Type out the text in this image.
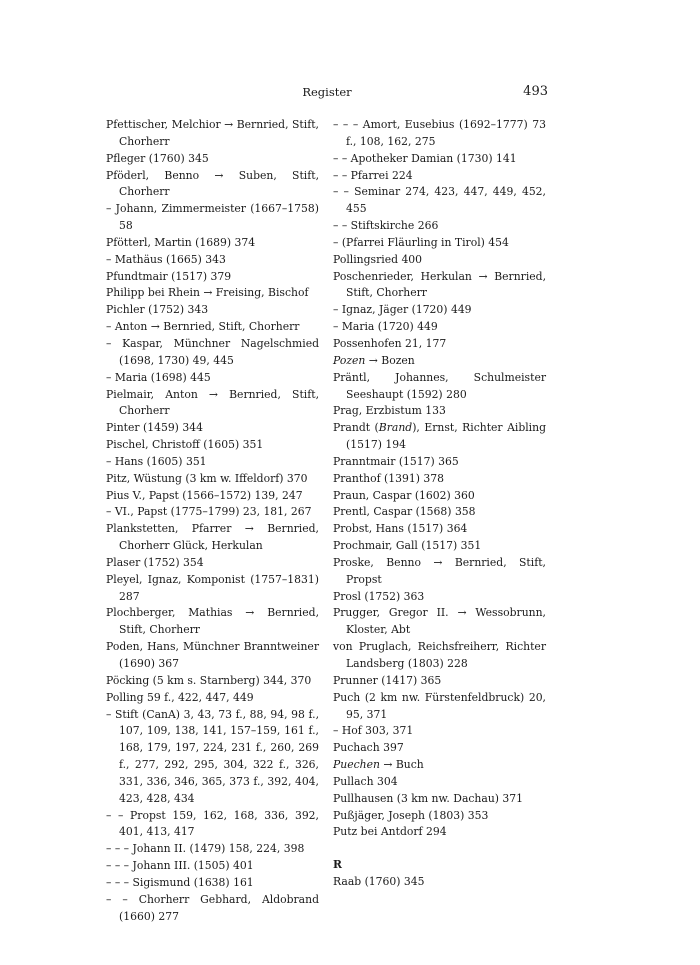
Register	493
Pfettischer, Melchior → Bernried, Stift, Chorherr
Pfleger (1760) 345
Pföderl, Benno → Suben, Stift, Chorherr
– Johann, Zimmermeister (1667–1758) 58
Pfötterl, Martin (1689) 374
– Mathäus (1665) 343
Pfundtmair (1517) 379
Philipp bei Rhein → Freising, Bischof
Pichler (1752) 343
– Anton → Bernried, Stift, Chorherr
– Kaspar, Münchner Nagelschmied (1698, 1730) 49, 445
– Maria (1698) 445
Pielmair, Anton → Bernried, Stift, Chorherr
Pinter (1459) 344
Pischel, Christoff (1605) 351
– Hans (1605) 351
Pitz, Wüstung (3 km w. Iffeldorf) 370
Pius V., Papst (1566–1572) 139, 247
– VI., Papst (1775–1799) 23, 181, 267
Plankstetten, Pfarrer → Bernried, Chorherr Glück, Herkulan
Plaser (1752) 354
Pleyel, Ignaz, Komponist (1757–1831) 287
Plochberger, Mathias → Bernried, Stift, Chorherr
Poden, Hans, Münchner Branntweiner (1690) 367
Pöcking (5 km s. Starnberg) 344, 370
Polling 59 f., 422, 447, 449
– Stift (CanA) 3, 43, 73 f., 88, 94, 98 f., 107, 109, 138, 141, 157–159, 161 f., 168, 179, 197, 224, 231 f., 260, 269 f., 277, 292, 295, 304, 322 f., 326, 331, 336, 346, 365, 373 f., 392, 404, 423, 428, 434
– – Propst 159, 162, 168, 336, 392, 401, 413, 417
– – – Johann II. (1479) 158, 224, 398
– – – Johann III. (1505) 401
– – – Sigismund (1638) 161
– – Chorherr Gebhard, Aldobrand (1660) 277
– – – Amort, Eusebius (1692–1777) 73 f., 108, 162, 275
– – Apotheker Damian (1730) 141
– – Pfarrei 224
– – Seminar 274, 423, 447, 449, 452, 455
– – Stiftskirche 266
– (Pfarrei Fläurling in Tirol) 454
Pollingsried 400
Poschenrieder, Herkulan → Bernried, Stift, Chorherr
– Ignaz, Jäger (1720) 449
– Maria (1720) 449
Possenhofen 21, 177
Pozen → Bozen
Präntl, Johannes, Schulmeister Seeshaupt (1592) 280
Prag, Erzbistum 133
Prandt (Brand), Ernst, Richter Aibling (1517) 194
Pranntmair (1517) 365
Pranthof (1391) 378
Praun, Caspar (1602) 360
Prentl, Caspar (1568) 358
Probst, Hans (1517) 364
Prochmair, Gall (1517) 351
Proske, Benno → Bernried, Stift, Propst
Prosl (1752) 363
Prugger, Gregor II. → Wessobrunn, Kloster, Abt
von Pruglach, Reichsfreiherr, Richter Landsberg (1803) 228
Prunner (1417) 365
Puch (2 km nw. Fürstenfeldbruck) 20, 95, 371
– Hof 303, 371
Puchach 397
Puechen → Buch
Pullach 304
Pullhausen (3 km nw. Dachau) 371
Pußjäger, Joseph (1803) 353
Putz bei Antdorf 294
R
Raab (1760) 345
